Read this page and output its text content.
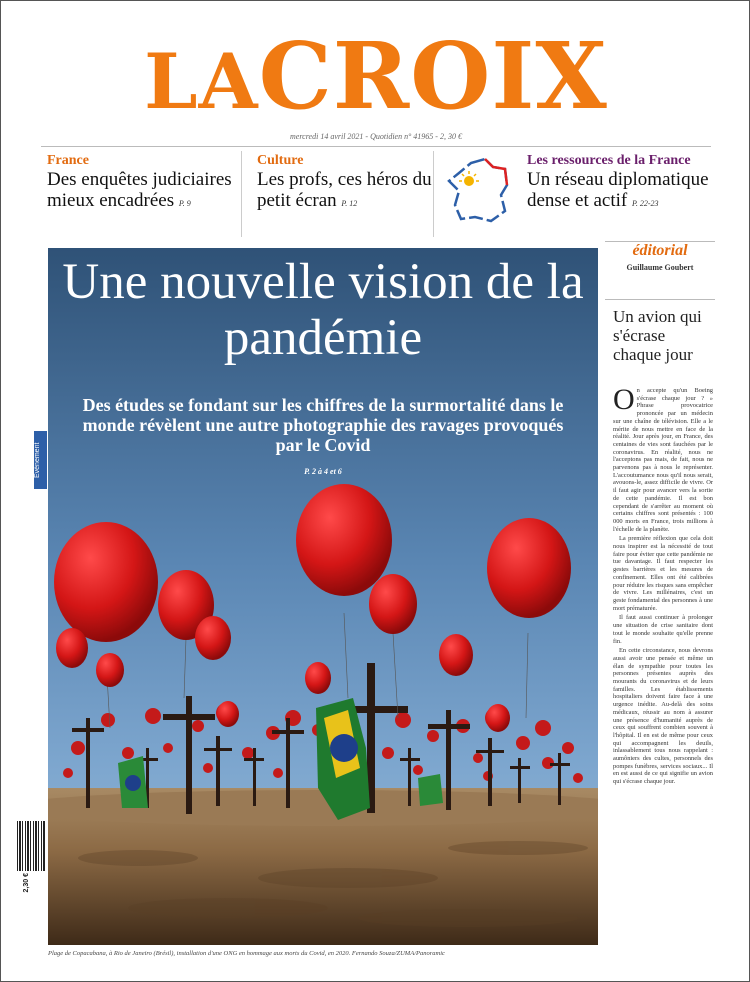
LACROIX
mercredi 14 avril 2021 - Quotidien n° 41965 - 2, 30 €
France
Des enquêtes judiciaires mieux encadrées P. 9
Culture
Les profs, ces héros du petit écran P. 12
Les ressources de la France
Un réseau diplomatique dense et actif P. 22-23
Événement
Une nouvelle vision de la pandémie
Des études se fondant sur les chiffres de la surmortalité dans le monde révèlent une autre photographie des ravages provoqués par le Covid
P. 2 à 4 et 6
Plage de Copacabana, à Rio de Janeiro (Brésil), installation d'une ONG en hommage aux morts du Covid, en 2020. Fernando Souza/ZUMA/Panoramic
2,30 €
éditorial
Guillaume Goubert
Un avion qui s'écrase chaque jour

On accepte qu'un Boeing s'écrase chaque jour ? » Phrase provocatrice prononcée par un médecin sur une chaîne de télévision. Elle a le mérite de nous mettre en face de la réalité. Jour après jour, en France, des centaines de vies sont fauchées par le coronavirus. En réalité, nous ne l'acceptons pas mais, de fait, nous ne parvenons pas à nous le représenter. L'accoutumance nous qu'il nous serait, avouons-le, assez difficile de vivre. Or il faut agir pour avancer vers la sortie de cette pandémie. Il est bon cependant de s'arrêter au moment où certains chiffres sont présentés : 100 000 morts en France, trois millions à l'échelle de la planète.

La première réflexion que cela doit nous inspirer est la nécessité de tout faire pour éviter que cette pandémie ne tue davantage. Il faut respecter les gestes barrières et les mesures de confinement. Elles ont été calibrées pour réduire les risques sans empêcher de vivre. Les millénaires, c'est un geste fondamental des personnes à une mort prématurée.

Il faut aussi continuer à prolonger une situation de crise sanitaire dont tout le monde souhaite qu'elle prenne fin.

En cette circonstance, nous devrons aussi avoir une pensée et même un élan de sympathie pour toutes les personnes présentes auprès des mourants du coronavirus et de leurs familles. Les établissements hospitaliers doivent faire face à une urgence inédite. Au-delà des soins médicaux, réussir au nom à assurer une présence d'humanité auprès de ceux qui souffrent combien souvent à l'hôpital. Il en est de même pour ceux qui accompagnent les deuils, inlassablement tous nous rappelant : aumôniers des cultes, personnels des pompes funèbres, services sociaux... Il en est aussi de ce qui signifie un avion qui s'écrase chaque jour.
